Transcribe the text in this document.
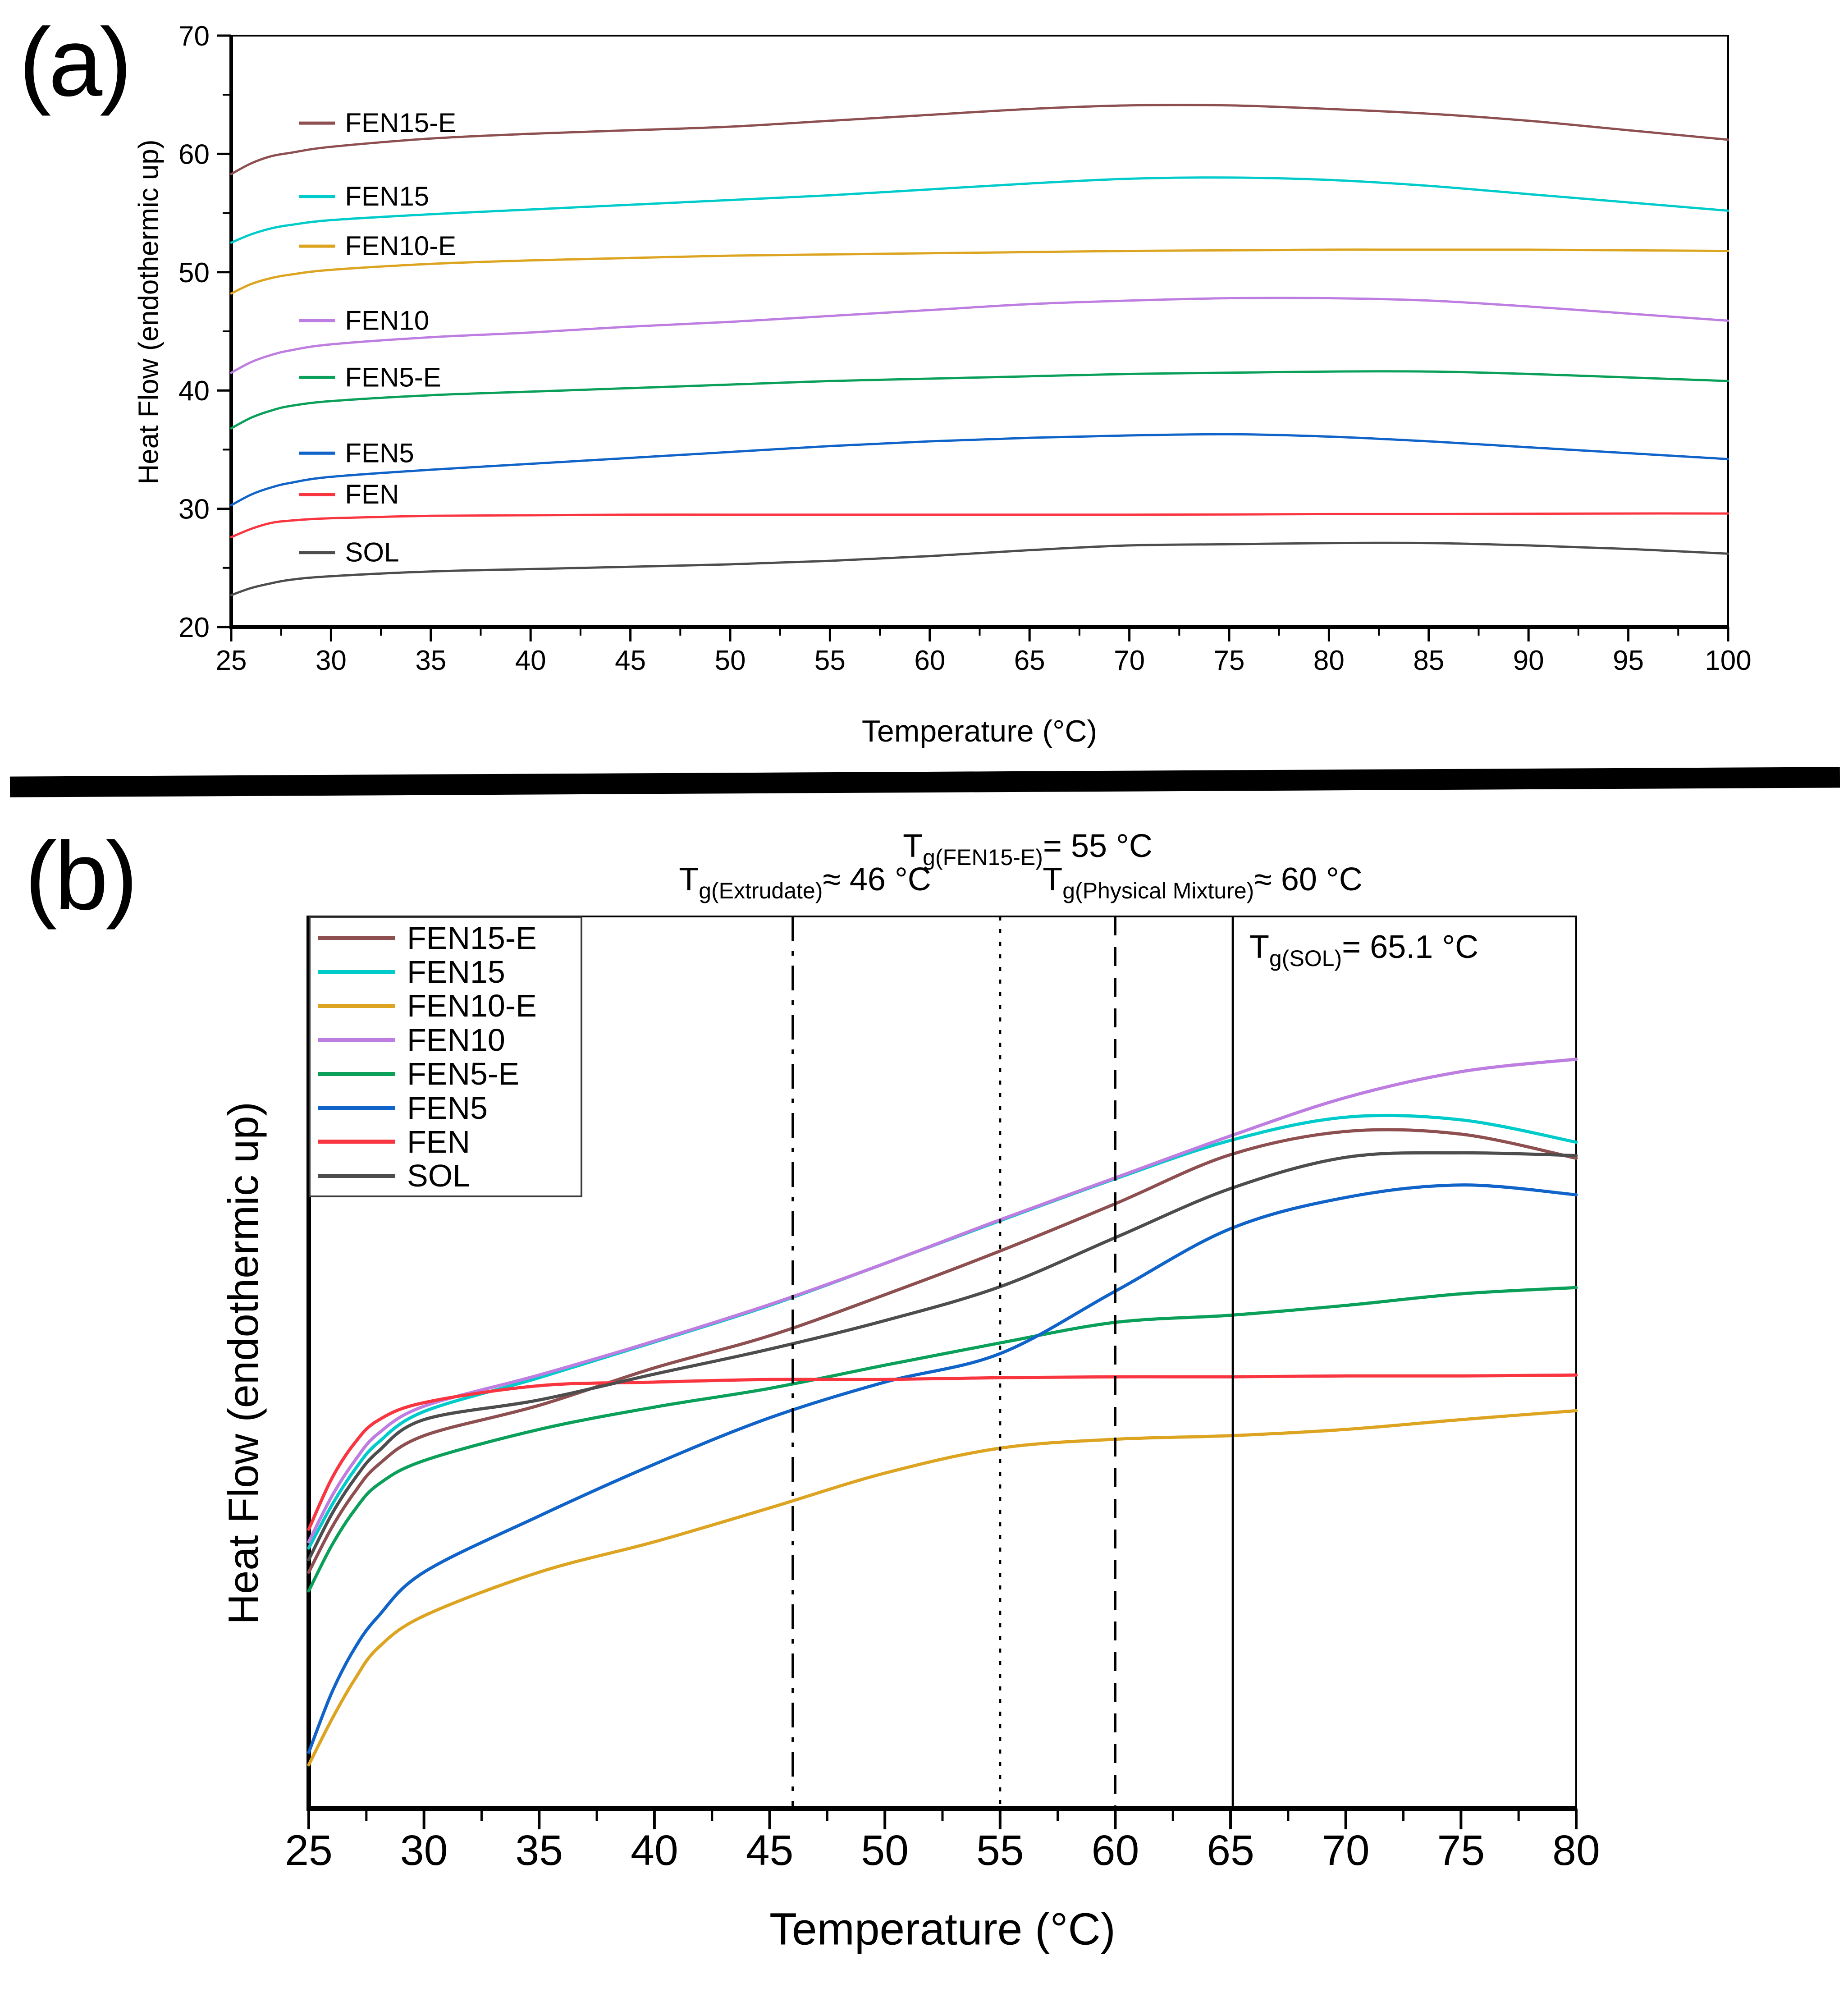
25 30 35 40 45 50 55 60 65 70 75 80 85 90 95 100
20
30
40
50
60
70
FEN15-E
FEN15
FEN10-E
FEN10
FEN5-E
FEN5
FEN
SOL
25 30 35 40 45 50 55 60 65 70 75 80
(a)
(b)
Heat Flow (endothermic up)
Temperature (°C)
Heat Flow (endothermic up)
Temperature (°C)
$T_{g(FEN15-E)}= 55$ °C
$T_{g(Extrudate)}\approx 46$ °C	$T_{g(Physical Mixture)}\approx 60$ °C
$T_{g(SOL)}= 65.1$ °C
FEN15-E
FEN15
FEN10-E
FEN10
FEN5-E
FEN5
FEN
SOL
